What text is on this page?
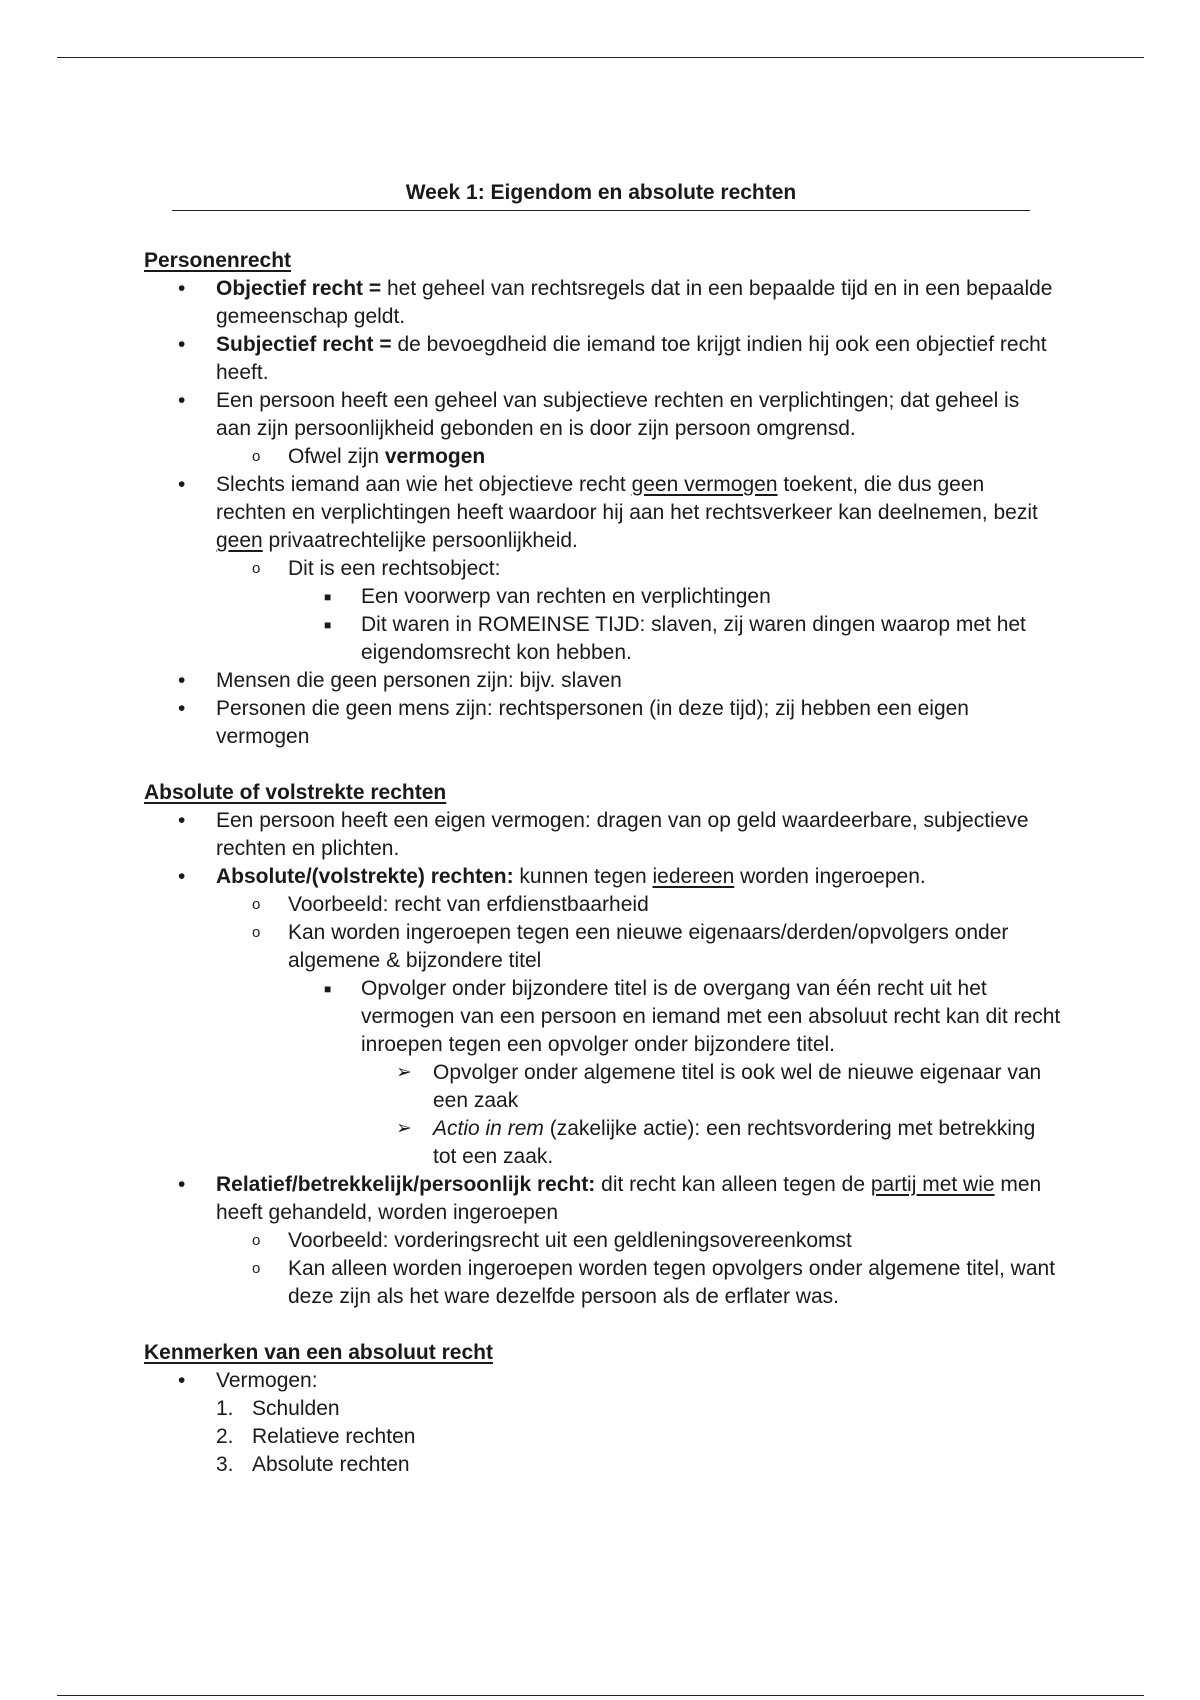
Week 1: Eigendom en absolute rechten
Personenrecht
• Objectief recht = het geheel van rechtsregels dat in een bepaalde tijd en in een bepaalde gemeenschap geldt.
• Subjectief recht = de bevoegdheid die iemand toe krijgt indien hij ook een objectief recht heeft.
• Een persoon heeft een geheel van subjectieve rechten en verplichtingen; dat geheel is aan zijn persoonlijkheid gebonden en is door zijn persoon omgrensd.
o Ofwel zijn vermogen
• Slechts iemand aan wie het objectieve recht geen vermogen toekent, die dus geen rechten en verplichtingen heeft waardoor hij aan het rechtsverkeer kan deelnemen, bezit geen privaatrechtelijke persoonlijkheid.
o Dit is een rechtsobject:
■ Een voorwerp van rechten en verplichtingen
■ Dit waren in ROMEINSE TIJD: slaven, zij waren dingen waarop met het eigendomsrecht kon hebben.
• Mensen die geen personen zijn: bijv. slaven
• Personen die geen mens zijn: rechtspersonen (in deze tijd); zij hebben een eigen vermogen
Absolute of volstrekte rechten
• Een persoon heeft een eigen vermogen: dragen van op geld waardeerbare, subjectieve rechten en plichten.
• Absolute/(volstrekte) rechten: kunnen tegen iedereen worden ingeroepen.
o Voorbeeld: recht van erfdienstbaarheid
o Kan worden ingeroepen tegen een nieuwe eigenaars/derden/opvolgers onder algemene & bijzondere titel
■ Opvolger onder bijzondere titel is de overgang van één recht uit het vermogen van een persoon en iemand met een absoluut recht kan dit recht inroepen tegen een opvolger onder bijzondere titel.
➢ Opvolger onder algemene titel is ook wel de nieuwe eigenaar van een zaak
➢ Actio in rem (zakelijke actie): een rechtsvordering met betrekking tot een zaak.
• Relatief/betrekkelijk/persoonlijk recht: dit recht kan alleen tegen de partij met wie men heeft gehandeld, worden ingeroepen
o Voorbeeld: vorderingsrecht uit een geldleningsovereenkomst
o Kan alleen worden ingeroepen worden tegen opvolgers onder algemene titel, want deze zijn als het ware dezelfde persoon als de erflater was.
Kenmerken van een absoluut recht
• Vermogen:
1. Schulden
2. Relatieve rechten
3. Absolute rechten
